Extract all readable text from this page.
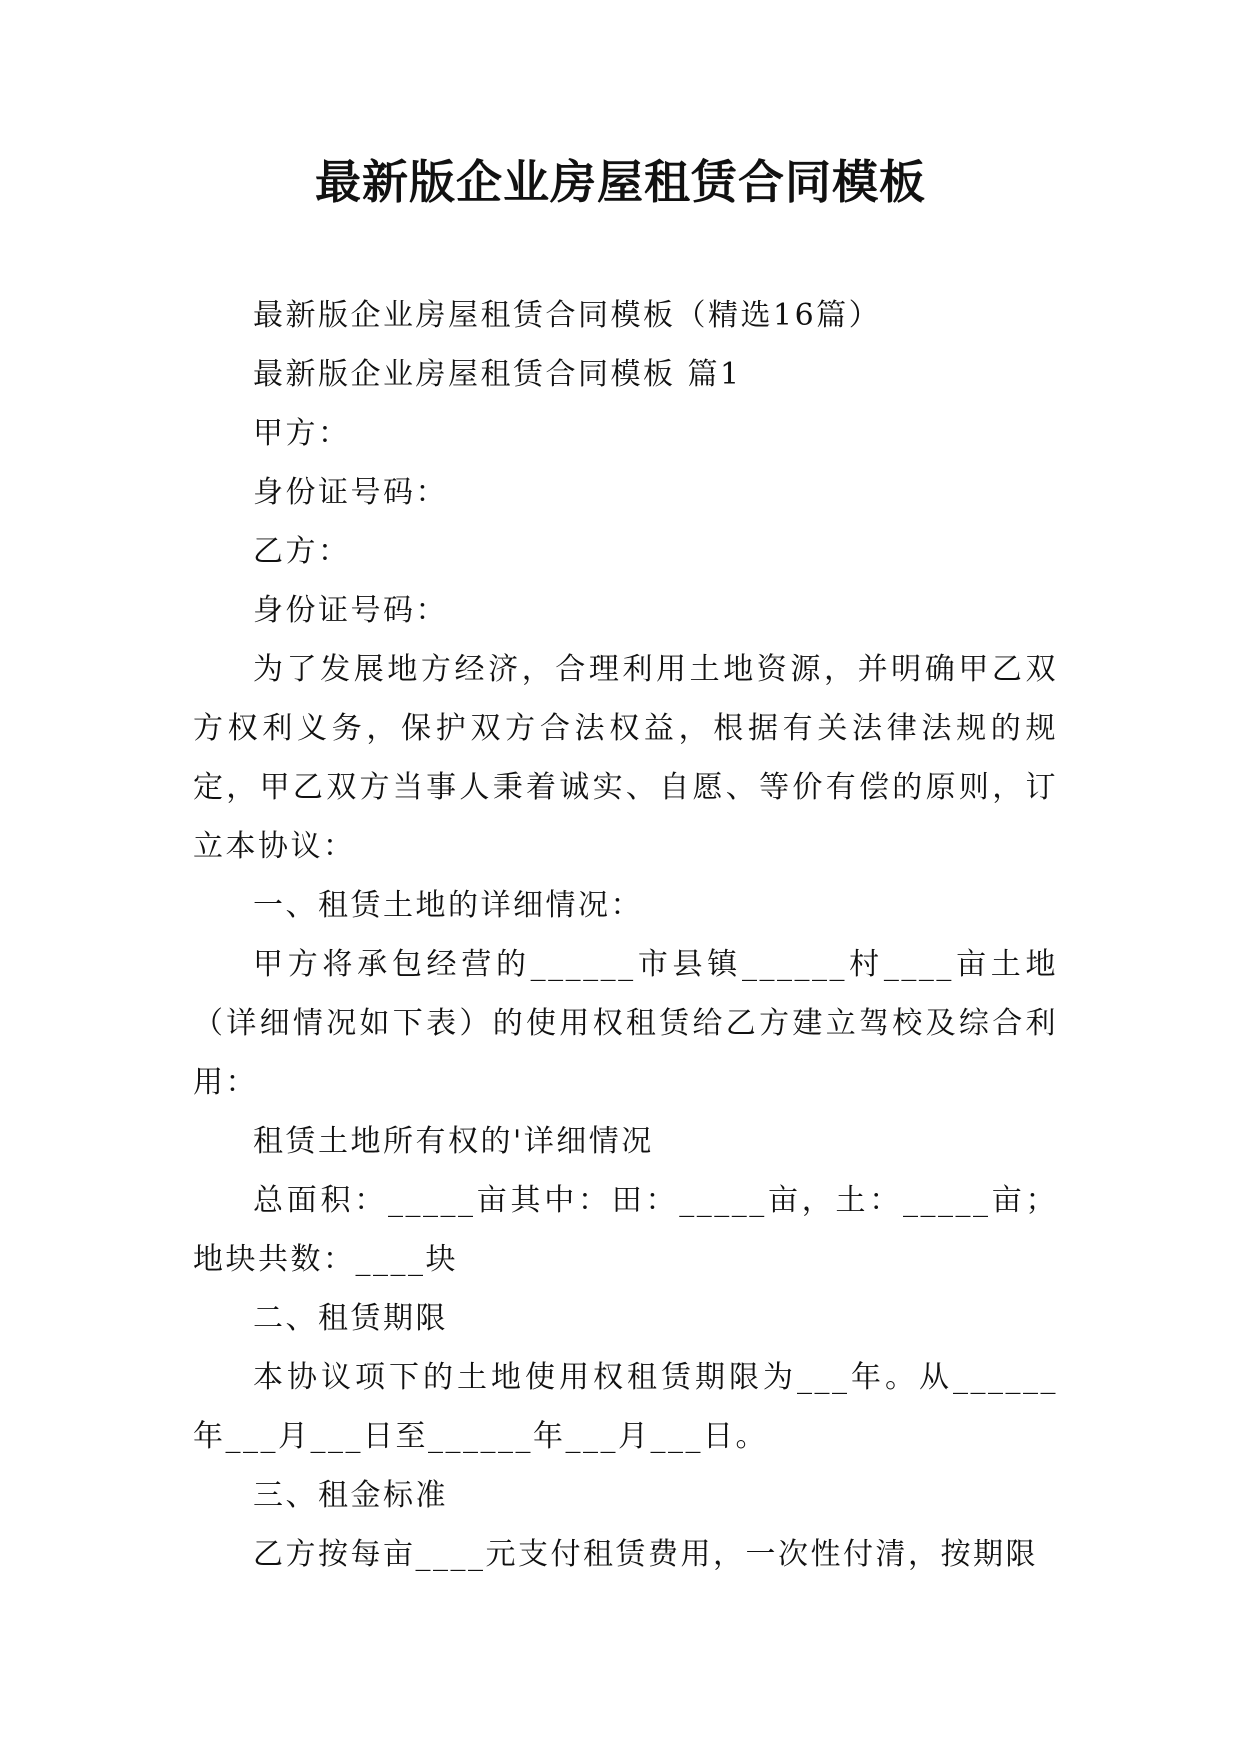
最新版企业房屋租赁合同模板

最新版企业房屋租赁合同模板（精选16篇）

最新版企业房屋租赁合同模板 篇1

甲方：

身份证号码：

乙方：

身份证号码：

为了发展地方经济，合理利用土地资源，并明确甲乙双方权利义务，保护双方合法权益，根据有关法律法规的规定，甲乙双方当事人秉着诚实、自愿、等价有偿的原则，订立本协议：

一、租赁土地的详细情况：

甲方将承包经营的______市县镇______村____亩土地（详细情况如下表）的使用权租赁给乙方建立驾校及综合利用：

租赁土地所有权的'详细情况

总面积：_____亩其中：田：_____亩，土：_____亩；地块共数：____块

二、租赁期限

本协议项下的土地使用权租赁期限为___年。从______年___月___日至______年___月___日。

三、租金标准

乙方按每亩____元支付租赁费用，一次性付清，按期限
